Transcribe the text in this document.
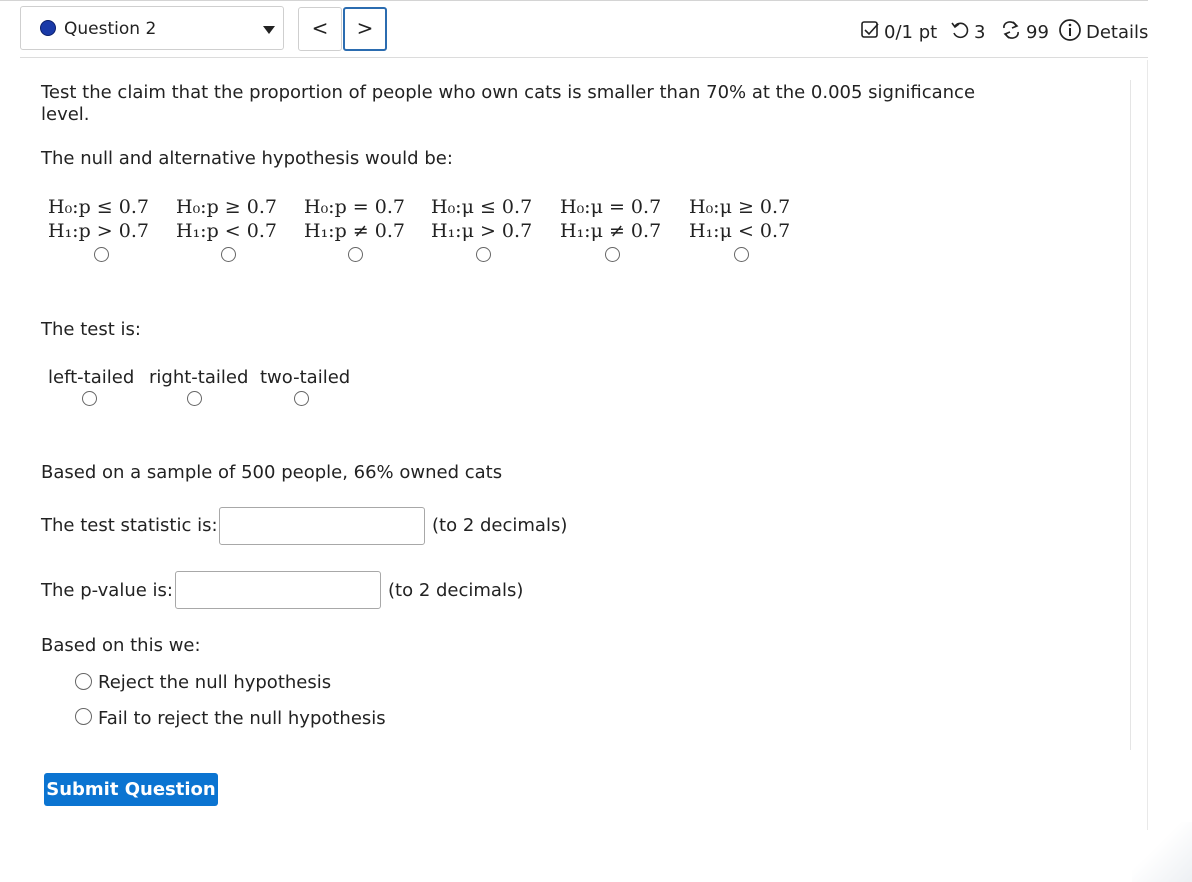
Question 2	<	>	0/1 pt 3 99 Details
Test the claim that the proportion of people who own cats is smaller than 70% at the 0.005 significance
level.
The null and alternative hypothesis would be:
H₀:p ≤ 0.7
H₁:p > 0.7
H₀:p ≥ 0.7
H₁:p < 0.7
H₀:p = 0.7
H₁:p ≠ 0.7
H₀:μ ≤ 0.7
H₁:μ > 0.7
H₀:μ = 0.7
H₁:μ ≠ 0.7
H₀:μ ≥ 0.7
H₁:μ < 0.7
The test is:
left-tailed right-tailed two-tailed
Based on a sample of 500 people, 66% owned cats
The test statistic is:	(to 2 decimals)
The p-value is:	(to 2 decimals)
Based on this we:
Reject the null hypothesis
Fail to reject the null hypothesis
Submit Question
